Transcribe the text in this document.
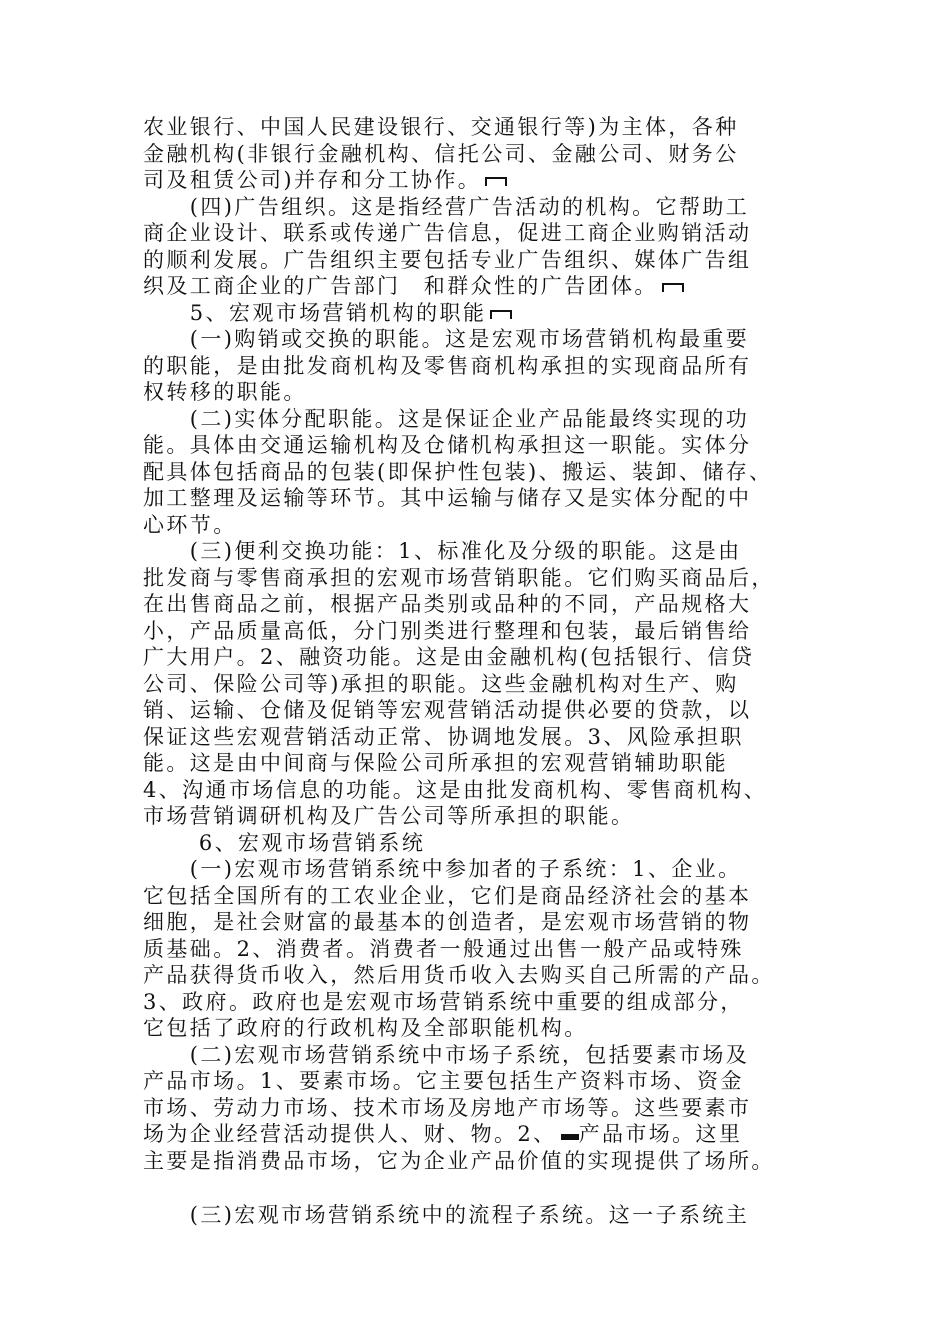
农业银行、中国人民建设银行、交通银行等)为主体，各种
金融机构(非银行金融机构、信托公司、金融公司、财务公
司及租赁公司)并存和分工协作。
　　(四)广告组织。这是指经营广告活动的机构。它帮助工
商企业设计、联系或传递广告信息，促进工商企业购销活动
的顺利发展。广告组织主要包括专业广告组织、媒体广告组
织及工商企业的广告部门　和群众性的广告团体。
　　5、宏观市场营销机构的职能
　　(一)购销或交换的职能。这是宏观市场营销机构最重要
的职能，是由批发商机构及零售商机构承担的实现商品所有
权转移的职能。
　　(二)实体分配职能。这是保证企业产品能最终实现的功
能。具体由交通运输机构及仓储机构承担这一职能。实体分
配具体包括商品的包装(即保护性包装)、搬运、装卸、储存、
加工整理及运输等环节。其中运输与储存又是实体分配的中
心环节。
　　(三)便利交换功能：1、标准化及分级的职能。这是由
批发商与零售商承担的宏观市场营销职能。它们购买商品后，
在出售商品之前，根据产品类别或品种的不同，产品规格大
小，产品质量高低，分门别类进行整理和包装，最后销售给
广大用户。2、融资功能。这是由金融机构(包括银行、信贷
公司、保险公司等)承担的职能。这些金融机构对生产、购
销、运输、仓储及促销等宏观营销活动提供必要的贷款，以
保证这些宏观营销活动正常、协调地发展。3、风险承担职
能。这是由中间商与保险公司所承担的宏观营销辅助职能
4、沟通市场信息的功能。这是由批发商机构、零售商机构、
市场营销调研机构及广告公司等所承担的职能。
　　 6、宏观市场营销系统
　　(一)宏观市场营销系统中参加者的子系统：1、企业。
它包括全国所有的工农业企业，它们是商品经济社会的基本
细胞，是社会财富的最基本的创造者，是宏观市场营销的物
质基础。2、消费者。消费者一般通过出售一般产品或特殊
产品获得货币收入，然后用货币收入去购买自己所需的产品。
3、政府。政府也是宏观市场营销系统中重要的组成部分，
它包括了政府的行政机构及全部职能机构。
　　(二)宏观市场营销系统中市场子系统，包括要素市场及
产品市场。1、要素市场。它主要包括生产资料市场、资金
市场、劳动力市场、技术市场及房地产市场等。这些要素市
场为企业经营活动提供人、财、物。2、 产品市场。这里
主要是指消费品市场，它为企业产品价值的实现提供了场所。
　　(三)宏观市场营销系统中的流程子系统。这一子系统主
